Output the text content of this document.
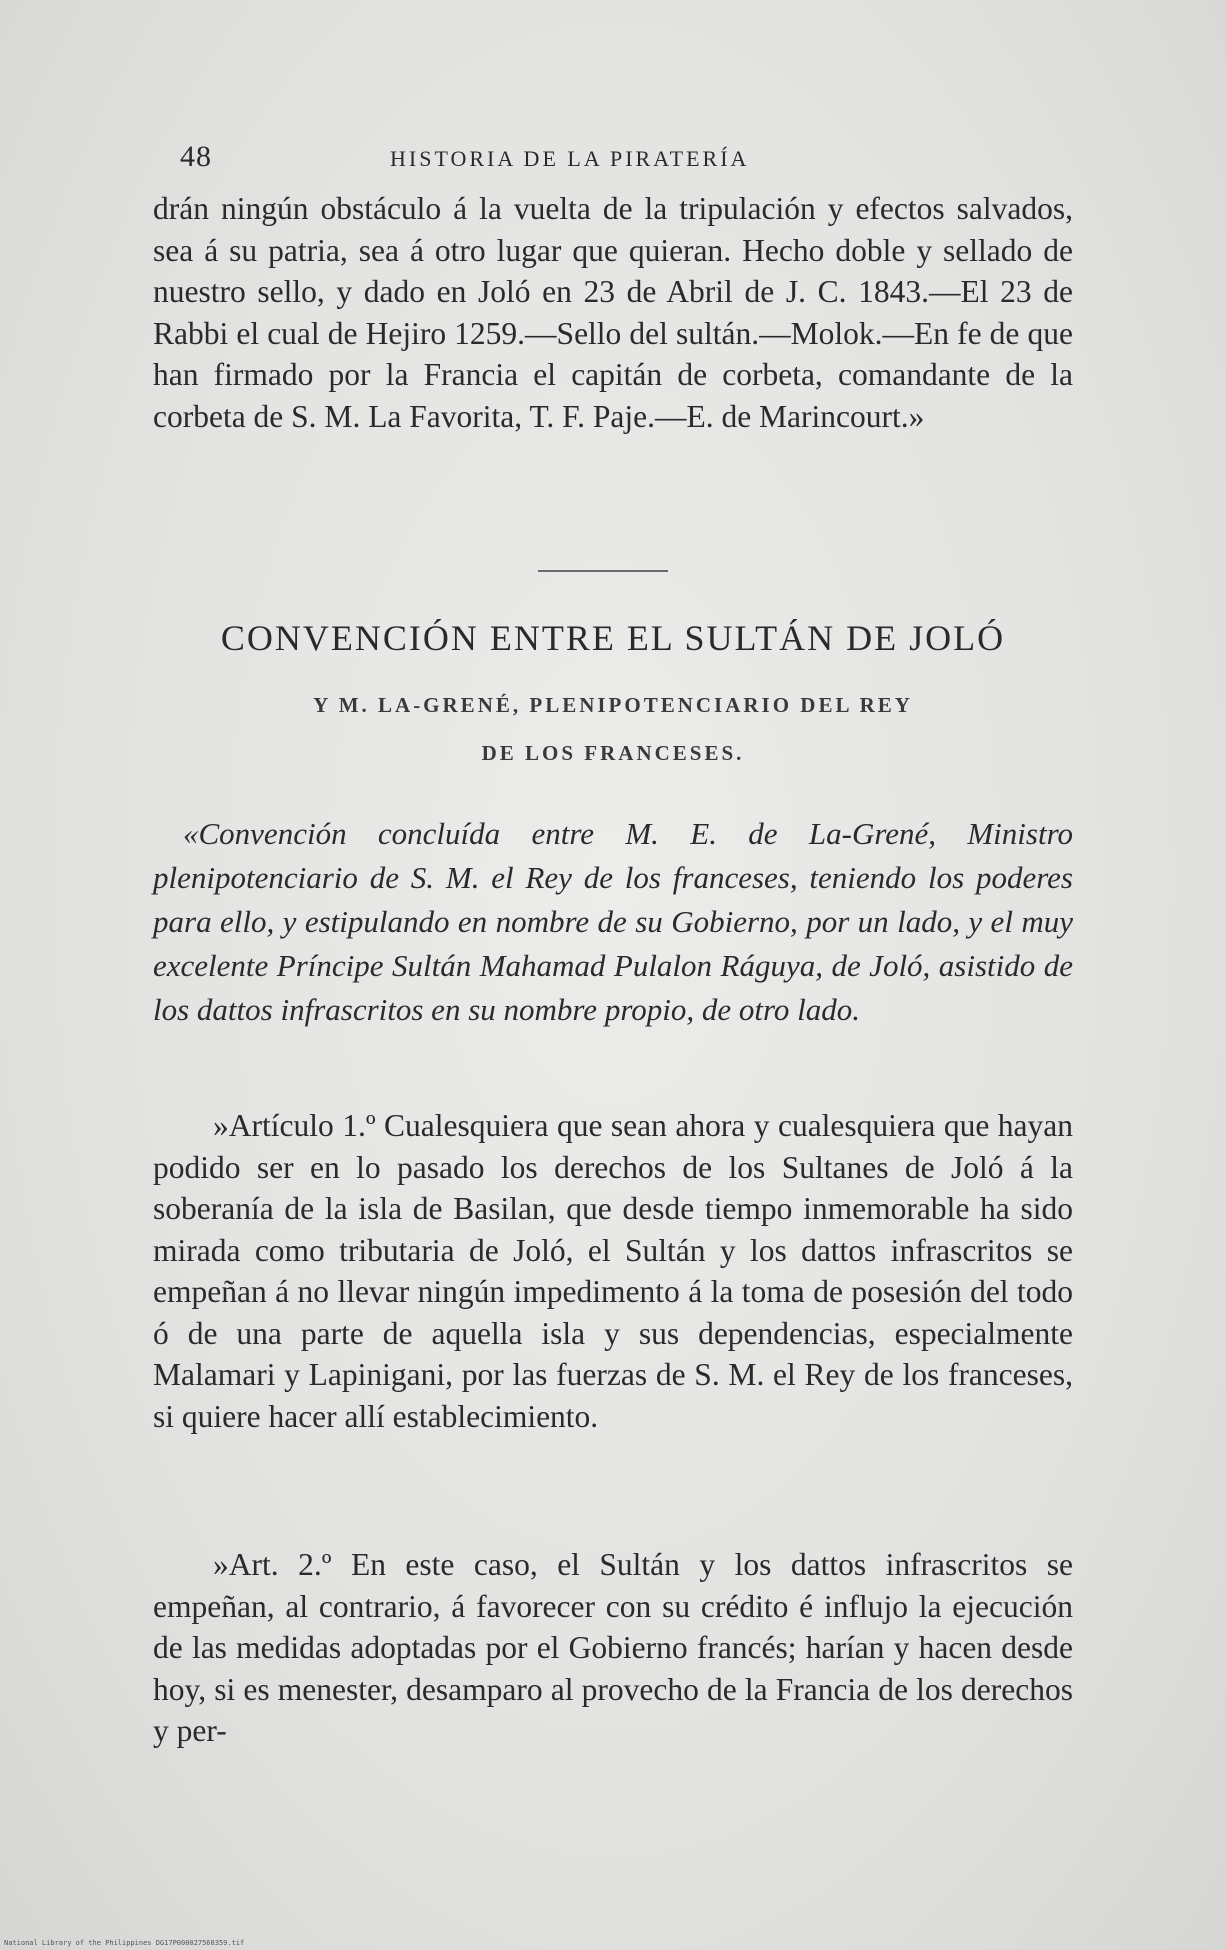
48	HISTORIA DE LA PIRATERÍA

drán ningún obstáculo á la vuelta de la tripulación y efectos salvados, sea á su patria, sea á otro lugar que quieran. Hecho doble y sellado de nuestro sello, y dado en Joló en 23 de Abril de J. C. 1843.—El 23 de Rabbi el cual de Hejiro 1259.—Sello del sultán.—Molok.—En fe de que han firmado por la Francia el capitán de corbeta, comandante de la corbeta de S. M. La Favorita, T. F. Paje.—E. de Marincourt.»

CONVENCIÓN ENTRE EL SULTÁN DE JOLÓ
Y M. LA-GRENÉ, PLENIPOTENCIARIO DEL REY
DE LOS FRANCESES.

«Convención concluída entre M. E. de La-Grené, Ministro plenipotenciario de S. M. el Rey de los franceses, teniendo los poderes para ello, y estipulando en nombre de su Gobierno, por un lado, y el muy excelente Príncipe Sultán Mahamad Pulalon Ráguya, de Joló, asistido de los dattos infrascritos en su nombre propio, de otro lado.

»Artículo 1.º Cualesquiera que sean ahora y cualesquiera que hayan podido ser en lo pasado los derechos de los Sultanes de Joló á la soberanía de la isla de Basilan, que desde tiempo inmemorable ha sido mirada como tributaria de Joló, el Sultán y los dattos infrascritos se empeñan á no llevar ningún impedimento á la toma de posesión del todo ó de una parte de aquella isla y sus dependencias, especialmente Malamari y Lapinigani, por las fuerzas de S. M. el Rey de los franceses, si quiere hacer allí establecimiento.

»Art. 2.º En este caso, el Sultán y los dattos infrascritos se empeñan, al contrario, á favorecer con su crédito é influjo la ejecución de las medidas adoptadas por el Gobierno francés; harían y hacen desde hoy, si es menester, desamparo al provecho de la Francia de los derechos y per-

National Library of the Philippines DG17P000027560359.tif
